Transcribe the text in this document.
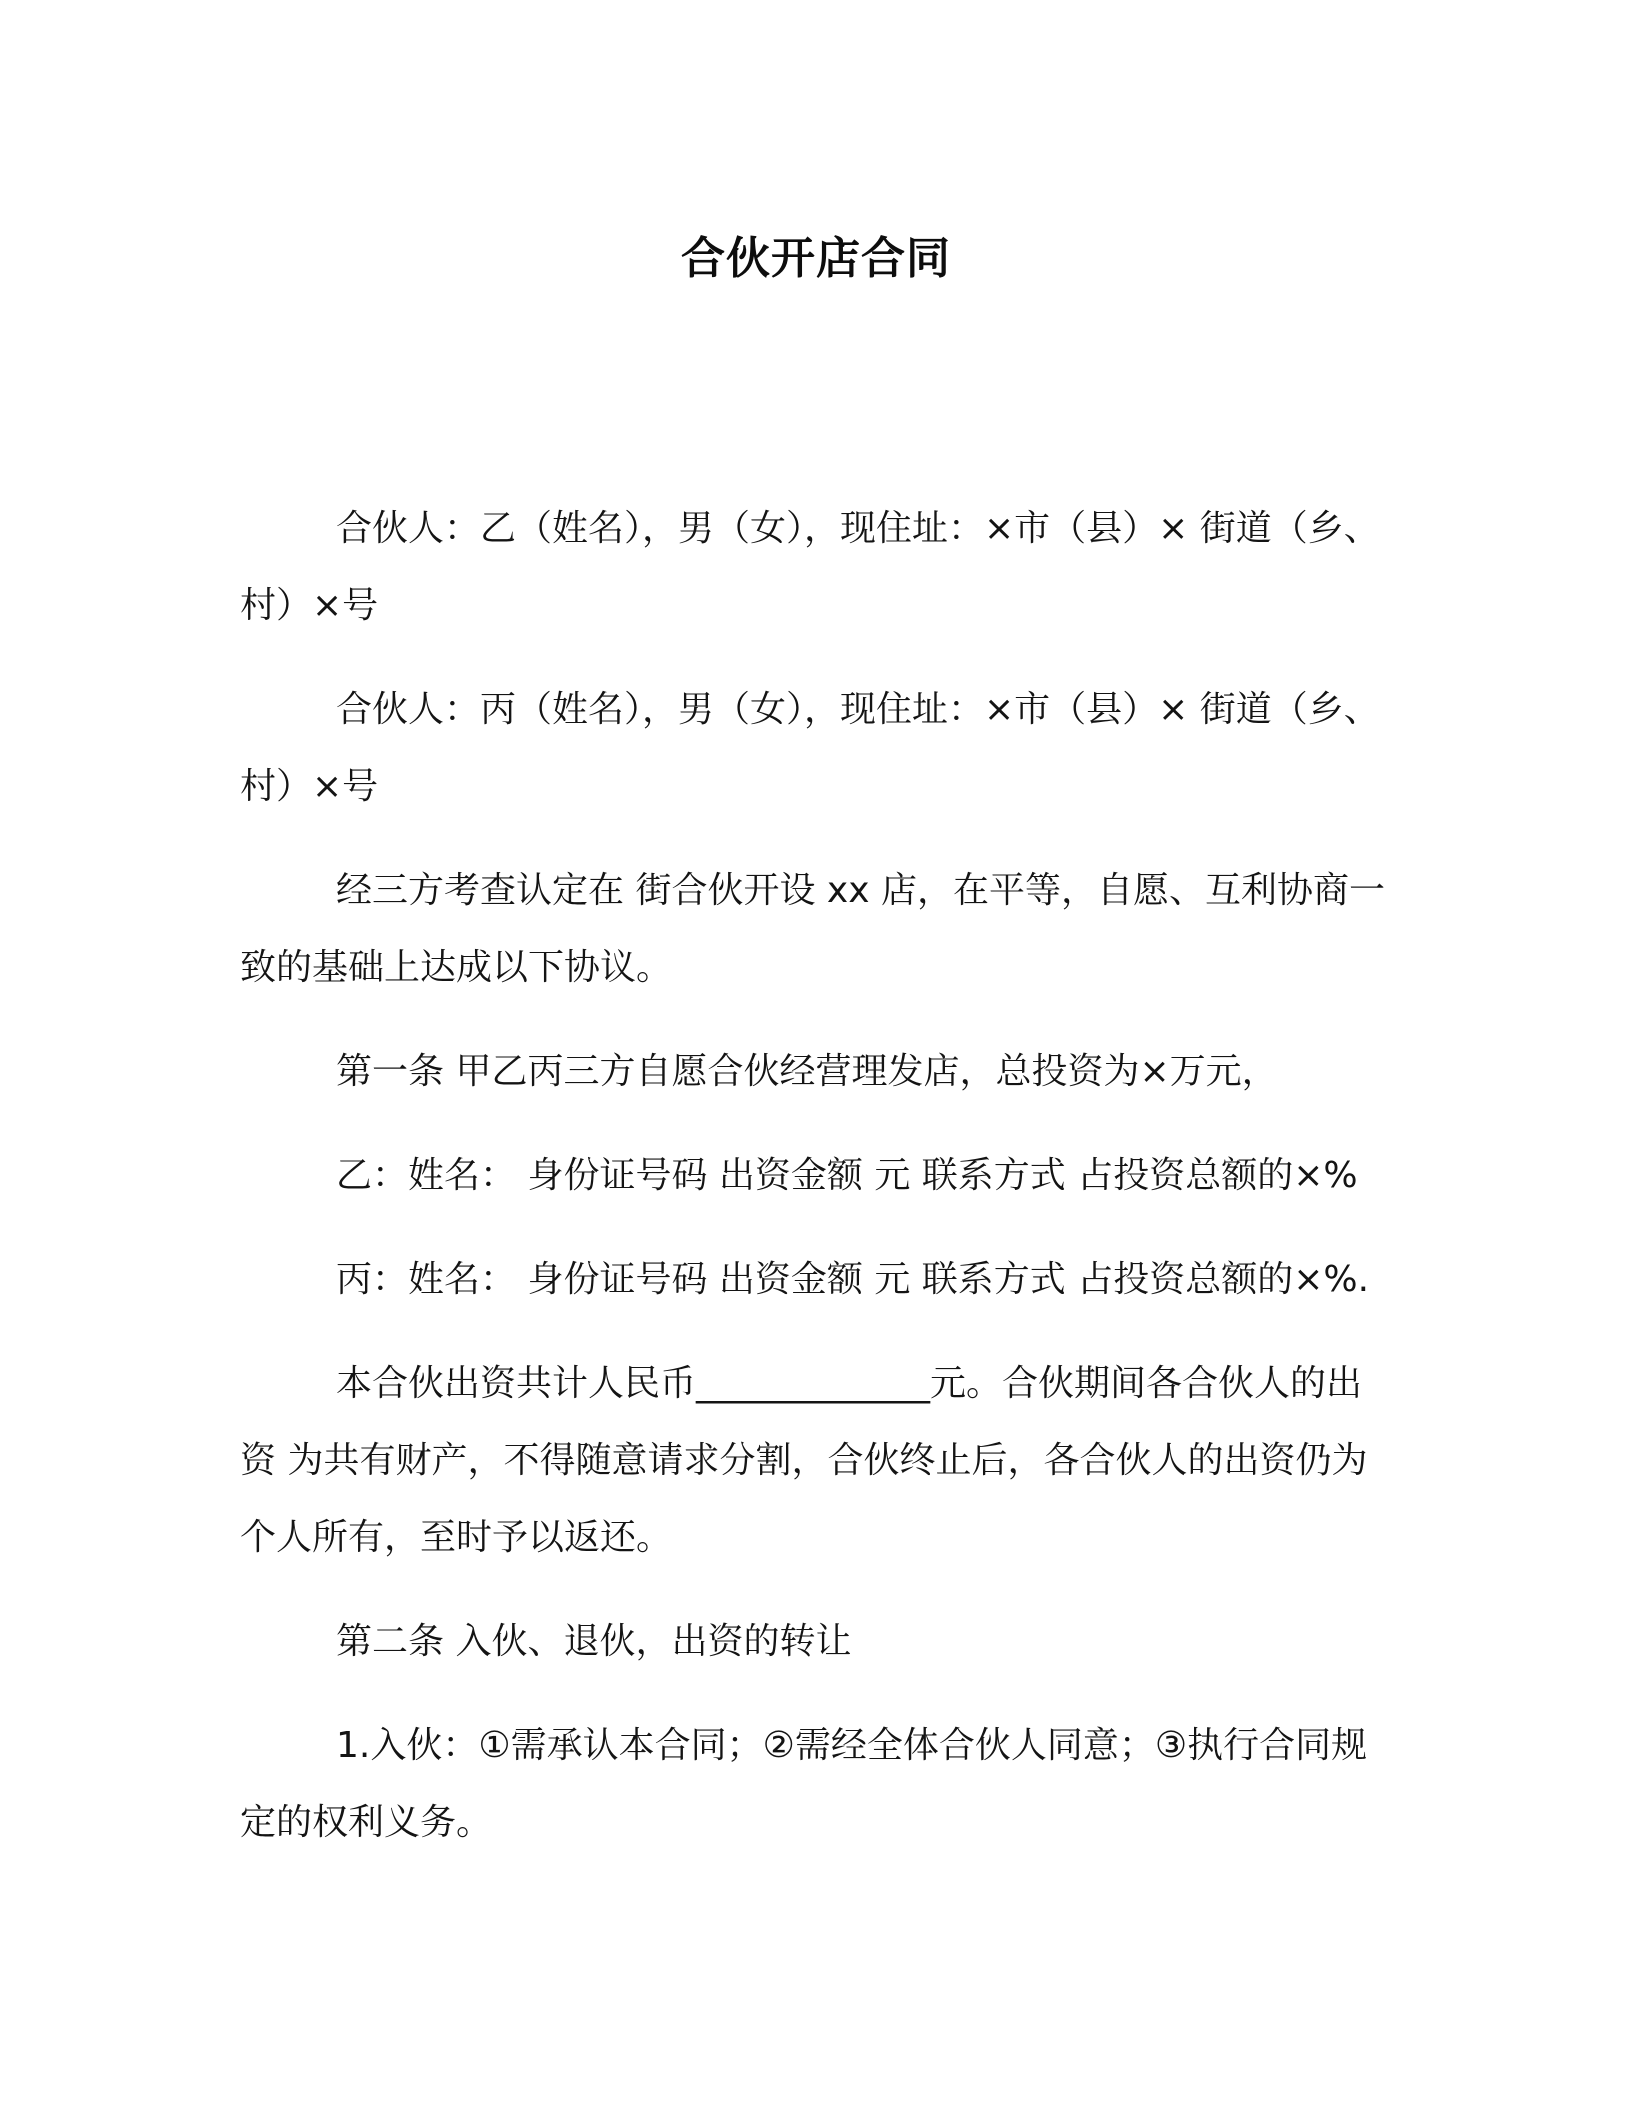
合伙开店合同

合伙人：乙（姓名），男（女），现住址：×市（县）× 街道（乡、村）×号

合伙人：丙（姓名），男（女），现住址：×市（县）× 街道（乡、村）×号

经三方考查认定在 街合伙开设 xx 店，在平等，自愿、互利协商一致的基础上达成以下协议。

第一条 甲乙丙三方自愿合伙经营理发店，总投资为×万元，

乙：姓名： 身份证号码 出资金额 元 联系方式 占投资总额的×%

丙：姓名： 身份证号码 出资金额 元 联系方式 占投资总额的×%.

本合伙出资共计人民币_____________元。合伙期间各合伙人的出资 为共有财产，不得随意请求分割，合伙终止后，各合伙人的出资仍为个人所有，至时予以返还。

第二条 入伙、退伙，出资的转让

1.入伙：①需承认本合同；②需经全体合伙人同意；③执行合同规定的权利义务。
